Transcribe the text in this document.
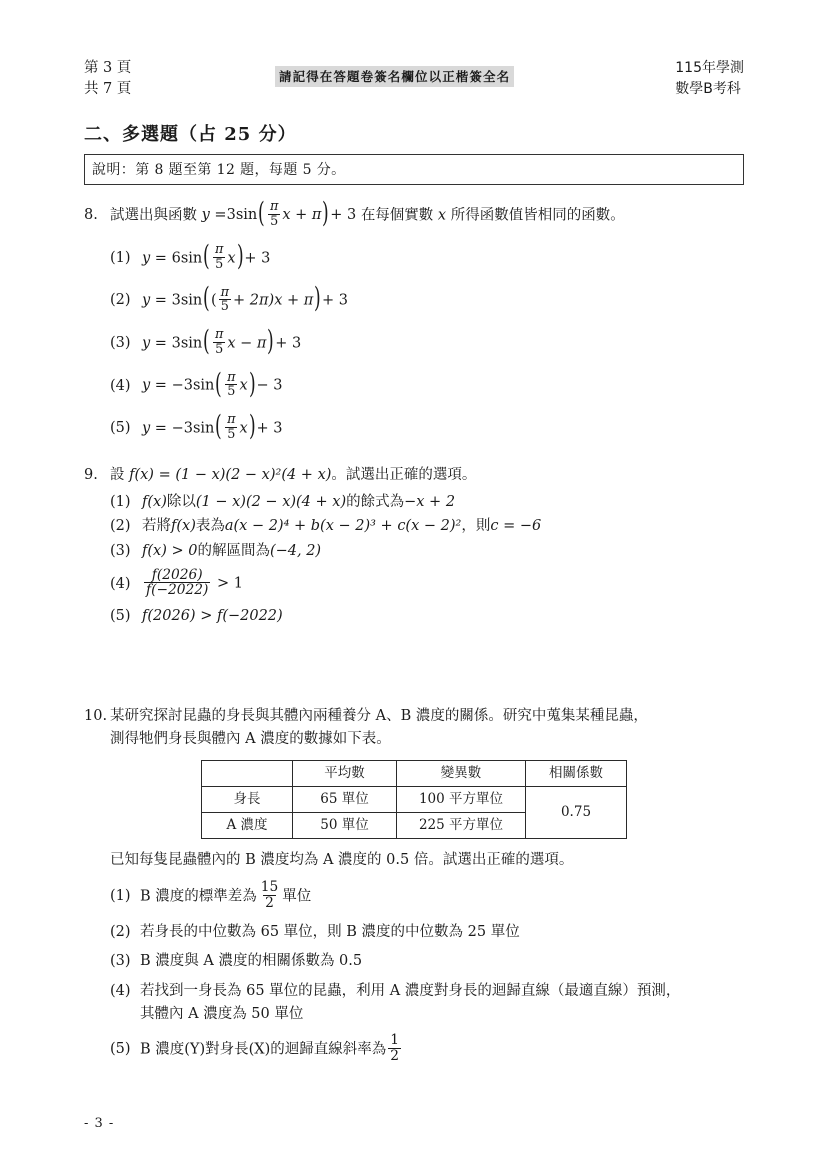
第 3 頁
共 7 頁
請記得在答題卷簽名欄位以正楷簽全名
115年學測
數學B考科
二、多選題（占 25 分）
說明：第 8 題至第 12 題，每題 5 分。
8. 試選出與函數 $y =3\sin( \frac{\pi}{5}$ x + π)+ 3 在每個實數 x 所得函數值皆相同的函數。
(1) $y = 6\sin( \frac{\pi}{5} x)+ 3$
(2) $y = 3\sin(( \frac{\pi}{5} + 2\pi)x + \pi)+ 3$
(3) $y = 3\sin( \frac{\pi}{5}$ x − π)+ 3
(4) $y = -3\sin( \frac{\pi}{5} x)- 3$
(5) $y = -3\sin( \frac{\pi}{5} x)+ 3$
9. 設 f(x) = (1 − x)(2 − x)²(4 + x)。試選出正確的選項。
(1) f(x)除以(1 − x)(2 − x)(4 + x)的餘式為−x + 2
(2) 若將f(x)表為a(x − 2)⁴ + b(x − 2)³ + c(x − 2)²，則c = −6
(3) f(x) > 0的解區間為(−4, 2)
$(4) \frac{f(2026)}{f(-2022)} > 1$
(5) f(2026) > f(−2022)
10. 某研究探討昆蟲的身長與其體內兩種養分 A、B 濃度的關係。研究中蒐集某種昆蟲，
測得牠們身長與體內 A 濃度的數據如下表。
	平均數	變異數	相關係數
身長	65 單位	100 平方單位	0.75
A 濃度	50 單位	225 平方單位	
已知每隻昆蟲體內的 B 濃度均為 A 濃度的 0.5 倍。試選出正確的選項。
(1) B 濃度的標準差為 $\frac{15}{2}$ 單位
(2) 若身長的中位數為 65 單位，則 B 濃度的中位數為 25 單位
(3) B 濃度與 A 濃度的相關係數為 0.5
(4) 若找到一身長為 65 單位的昆蟲，利用 A 濃度對身長的迴歸直線（最適直線）預測，
其體內 A 濃度為 50 單位
(5) B 濃度(Y)對身長(X)的迴歸直線斜率為 $\frac{1}{2}$
- 3 -
